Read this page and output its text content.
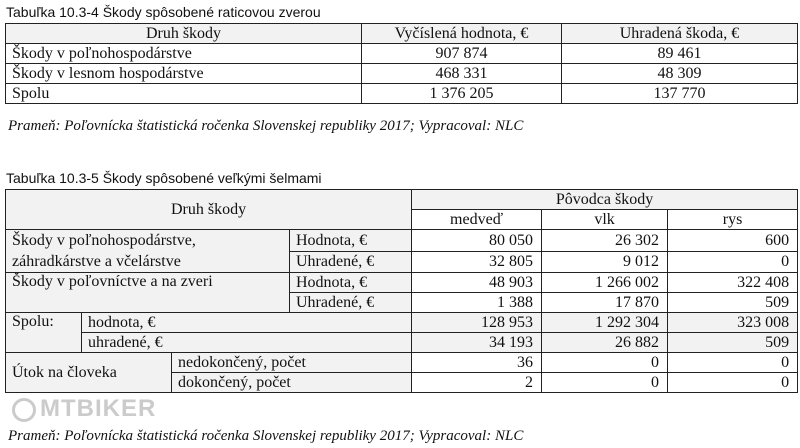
Tabuľka 10.3-4 Škody spôsobené raticovou zverou
Druh škody	Vyčíslená hodnota, €	Uhradená škoda, €
Škody v poľnohospodárstve	907 874	89 461
Škody v lesnom hospodárstve	468 331	48 309
Spolu	1 376 205	137 770
Prameň: Poľovnícka štatistická ročenka Slovenskej republiky 2017; Vypracoval: NLC
Tabuľka 10.3-5 Škody spôsobené veľkými šelmami
Druh škody				Pôvodca škody		
				medveď	vlk	rys
Škody v poľnohospodárstve, záhradkárstve a včelárstve			Hodnota, €	80 050	26 302	600
			Uhradené, €	32 805	9 012	0
Škody v poľovníctve a na zveri			Hodnota, €	48 903	1 266 002	322 408
			Uhradené, €	1 388	17 870	509
Spolu:	hodnota, €			128 953	1 292 304	323 008
	uhradené, €			34 193	26 882	509
Útok na človeka		nedokončený, počet		36	0	0
		dokončený, počet		2	0	0
Prameň: Poľovnícka štatistická ročenka Slovenskej republiky 2017; Vypracoval: NLC
MTBIKER
